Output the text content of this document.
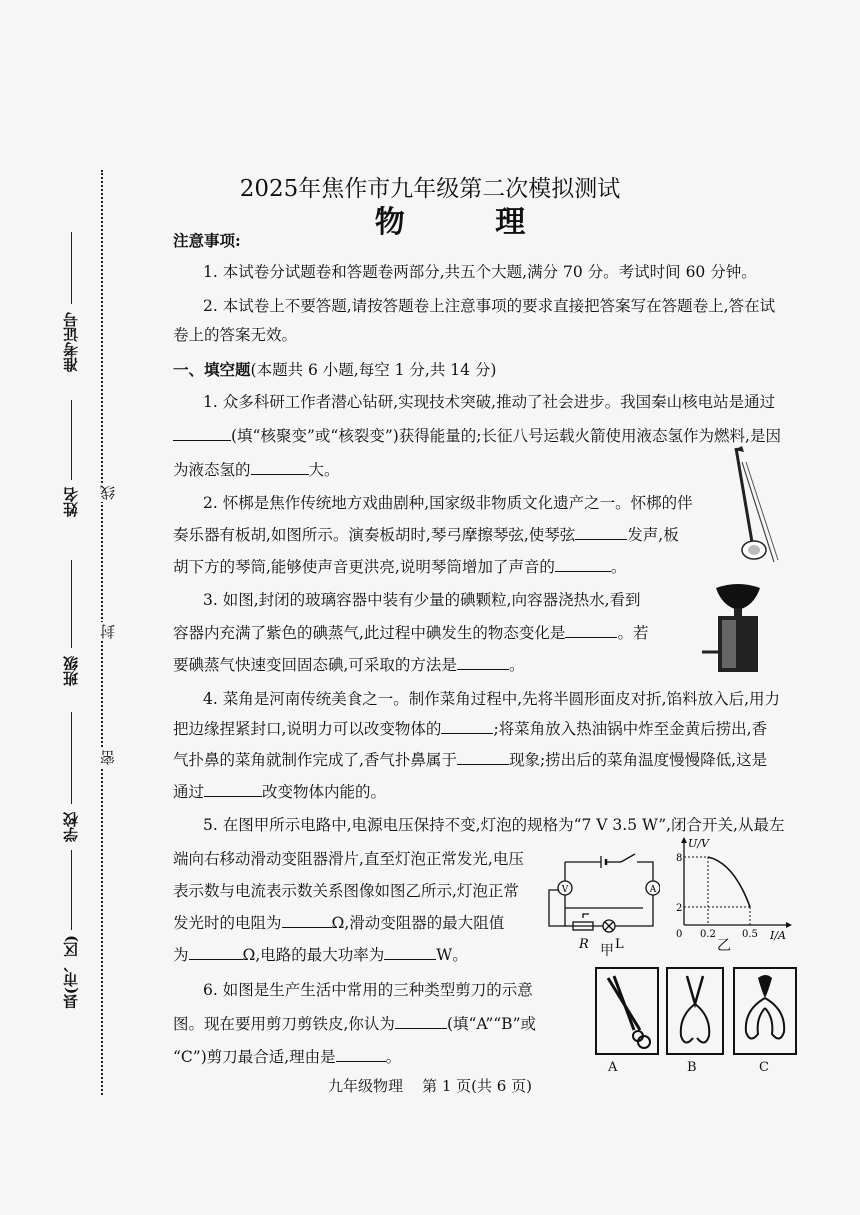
线
封
密
准考证号
姓名
班级
学校
县(市、区)
2025年焦作市九年级第二次模拟测试
物 理
注意事项:
1. 本试卷分试题卷和答题卷两部分,共五个大题,满分 70 分。考试时间 60 分钟。
2. 本试卷上不要答题,请按答题卷上注意事项的要求直接把答案写在答题卷上,答在试
卷上的答案无效。
一、填空题(本题共 6 小题,每空 1 分,共 14 分)
1. 众多科研工作者潜心钻研,实现技术突破,推动了社会进步。我国秦山核电站是通过
(填“核聚变”或“核裂变”)获得能量的;长征八号运载火箭使用液态氢作为燃料,是因
为液态氢的	大。
2. 怀梆是焦作传统地方戏曲剧种,国家级非物质文化遗产之一。怀梆的伴
奏乐器有板胡,如图所示。演奏板胡时,琴弓摩擦琴弦,使琴弦	发声,板
胡下方的琴筒,能够使声音更洪亮,说明琴筒增加了声音的	。
3. 如图,封闭的玻璃容器中装有少量的碘颗粒,向容器浇热水,看到
容器内充满了紫色的碘蒸气,此过程中碘发生的物态变化是	。若
要碘蒸气快速变回固态碘,可采取的方法是	。
4. 菜角是河南传统美食之一。制作菜角过程中,先将半圆形面皮对折,馅料放入后,用力
把边缘捏紧封口,说明力可以改变物体的	;将菜角放入热油锅中炸至金黄后捞出,香
气扑鼻的菜角就制作完成了,香气扑鼻属于	现象;捞出后的菜角温度慢慢降低,这是
通过	改变物体内能的。
5. 在图甲所示电路中,电源电压保持不变,灯泡的规格为“7 V 3.5 W”,闭合开关,从最左
端向右移动滑动变阻器滑片,直至灯泡正常发光,电压
表示数与电流表示数关系图像如图乙所示,灯泡正常
发光时的电阻为	Ω,滑动变阻器的最大阻值
为	Ω,电路的最大功率为	W。
6. 如图是生产生活中常用的三种类型剪刀的示意
图。现在要用剪刀剪铁皮,你认为	(填“A”“B”或
“C”)剪刀最合适,理由是	。
V	A
R L
甲
8
2
0 0.2	0.5
U/V
I/A
乙
A	B	C
九年级物理    第 1 页(共 6 页)
